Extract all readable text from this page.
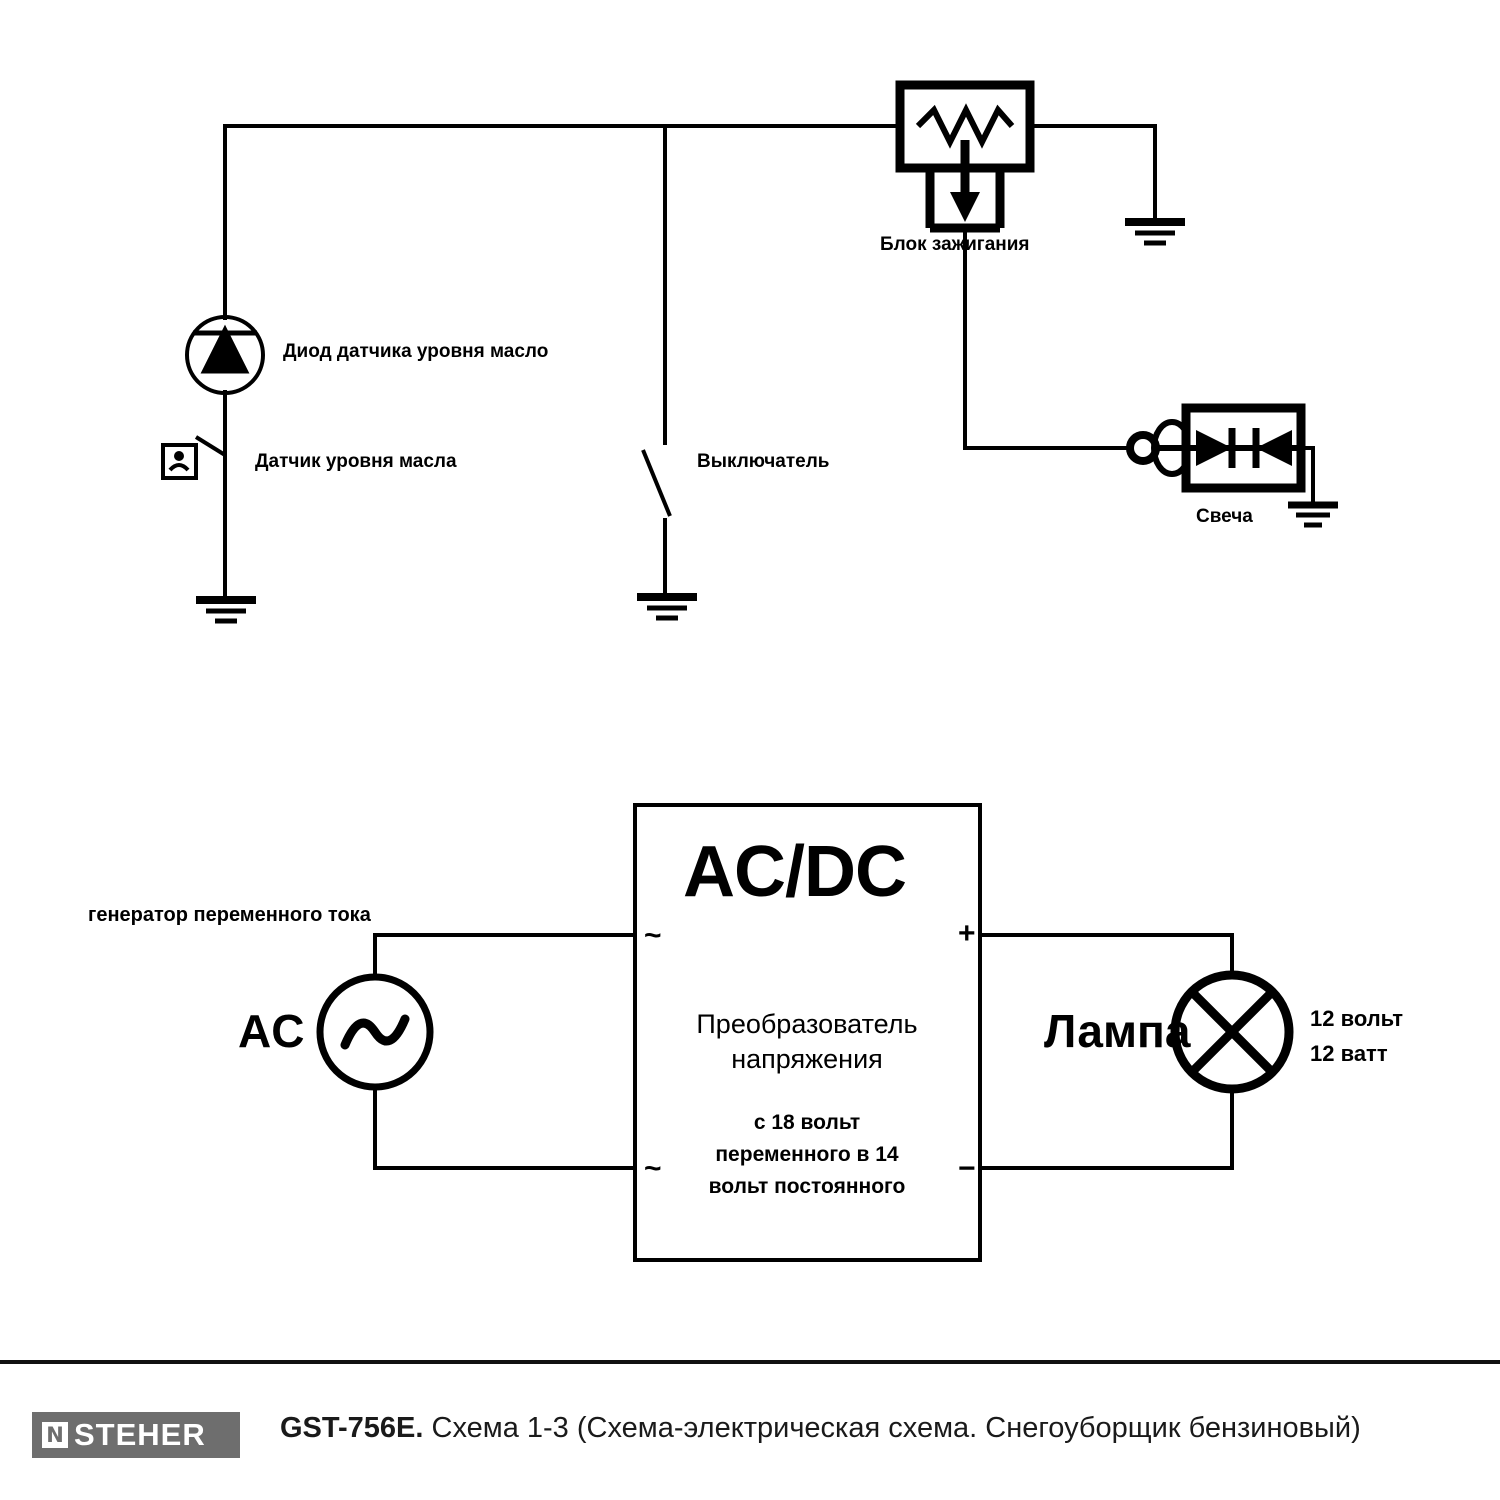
Диод датчика уровня масло
Датчик уровня масла	Выключатель
Блок зажигания
Свеча
генератор переменного тока
AC
AC/DC
Преобразователь
напряжения
с 18 вольт
переменного в 14
вольт постоянного
~
~
+
−
Лампа	12 вольт
12 ватт
N STEHER	GST-756E. Схема 1-3 (Схема-электрическая схема. Снегоуборщик бензиновый)
